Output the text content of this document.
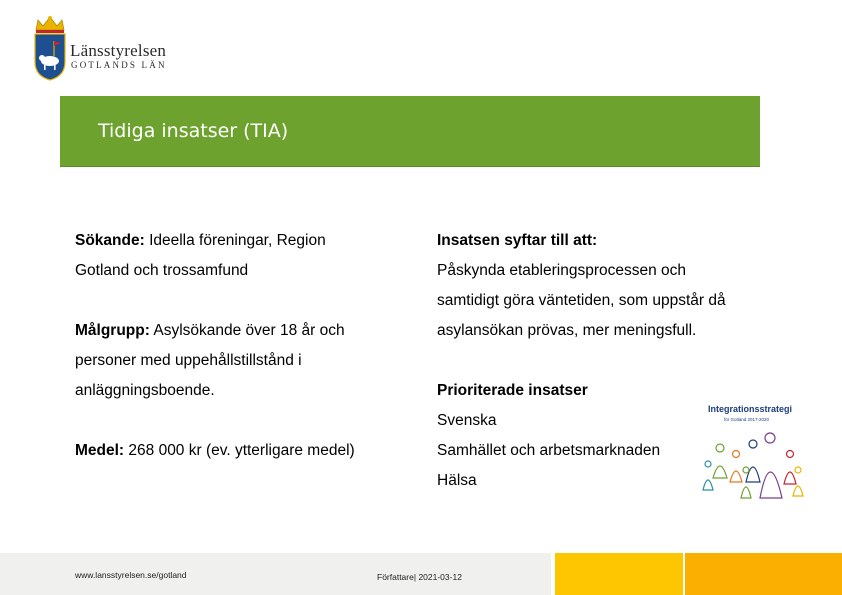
Länsstyrelsen
GOTLANDS LÄN
Tidiga insatser (TIA)
Sökande: Ideella föreningar, Region
Gotland och trossamfund
Målgrupp: Asylsökande över 18 år och
personer med uppehållstillstånd i
anläggningsboende.
Medel: 268 000 kr (ev. ytterligare medel)
Insatsen syftar till att:
Påskynda etableringsprocessen och
samtidigt göra väntetiden, som uppstår då
asylansökan prövas, mer meningsfull.
Prioriterade insatser
Svenska
Samhället och arbetsmarknaden
Hälsa
Integrationsstrategi
för Gotland 2017-2020
www.lansstyrelsen.se/gotland	Författare| 2021-03-12
